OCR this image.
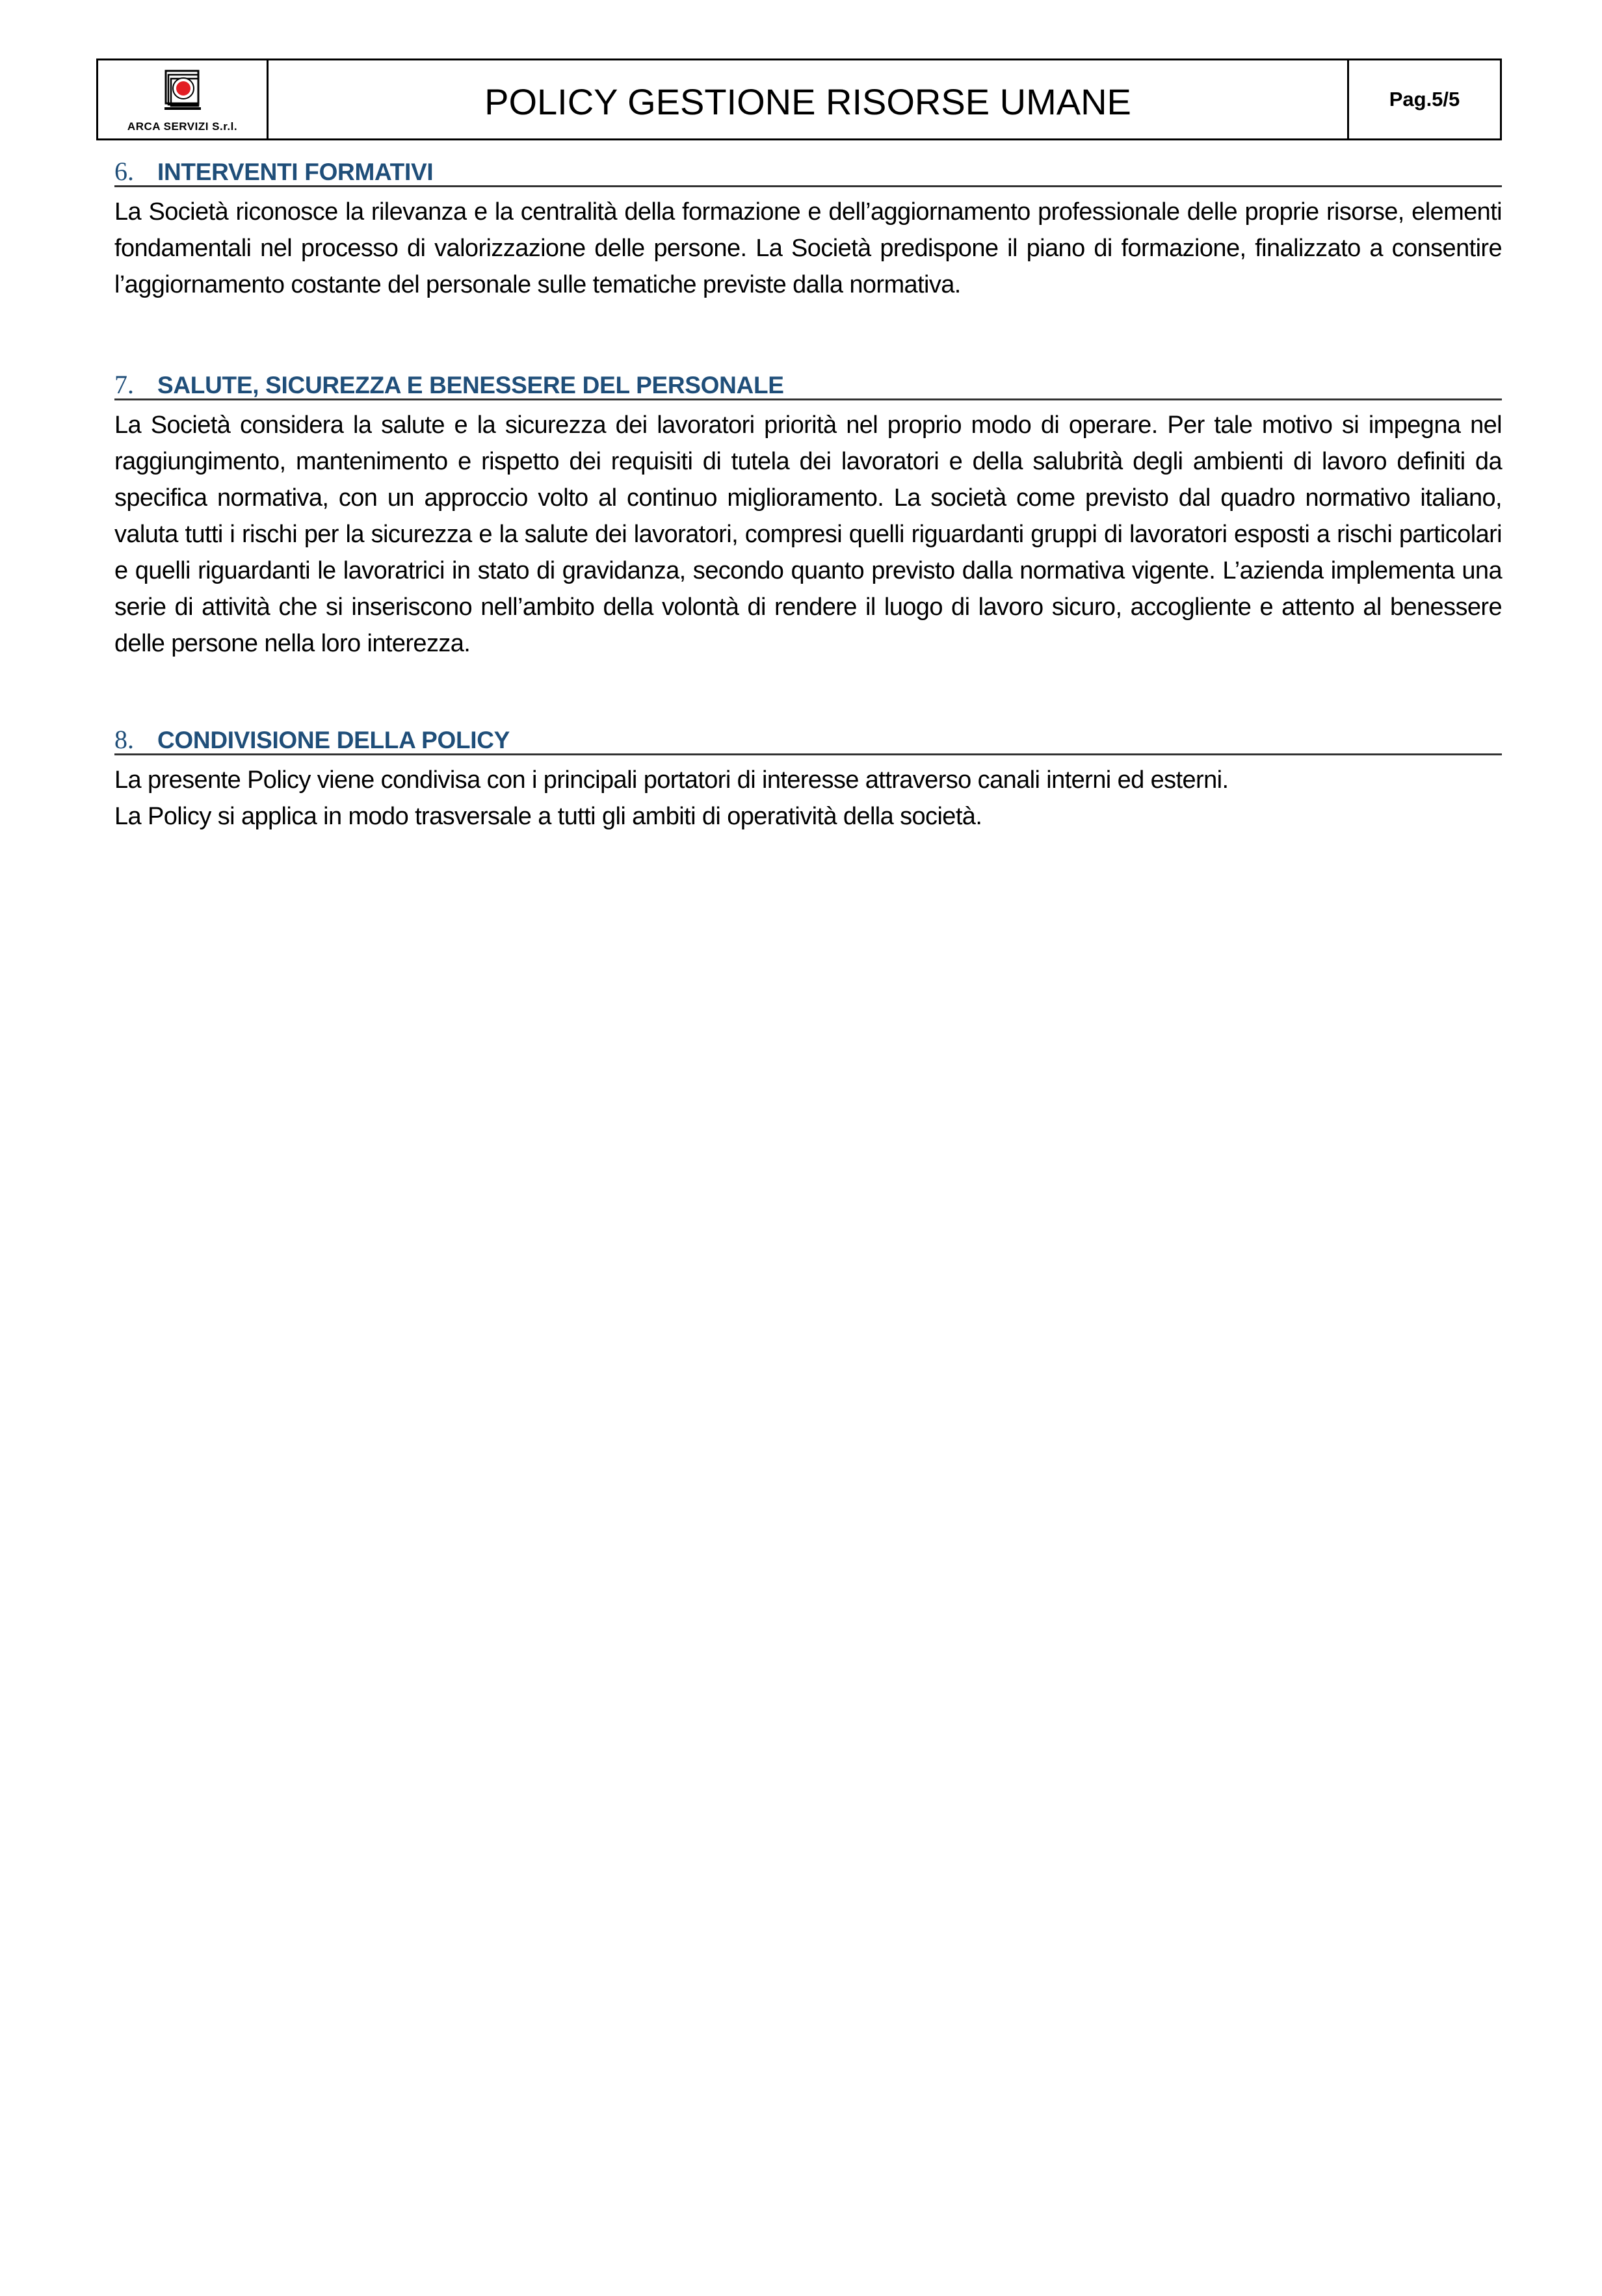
ARCA SERVIZI S.r.l.
POLICY GESTIONE RISORSE UMANE	Pag.5/5
6. INTERVENTI FORMATIVI

La Società riconosce la rilevanza e la centralità della formazione e dell’aggiornamento professionale delle proprie risorse, elementi fondamentali nel processo di valorizzazione delle persone. La Società predispone il piano di formazione, finalizzato a consentire l’aggiornamento costante del personale sulle tematiche previste dalla normativa.

7. SALUTE, SICUREZZA E BENESSERE DEL PERSONALE

La Società considera la salute e la sicurezza dei lavoratori priorità nel proprio modo di operare. Per tale motivo si impegna nel raggiungimento, mantenimento e rispetto dei requisiti di tutela dei lavoratori e della salubrità degli ambienti di lavoro definiti da specifica normativa, con un approccio volto al continuo miglioramento. La società come previsto dal quadro normativo italiano, valuta tutti i rischi per la sicurezza e la salute dei lavoratori, compresi quelli riguardanti gruppi di lavoratori esposti a rischi particolari e quelli riguardanti le lavoratrici in stato di gravidanza, secondo quanto previsto dalla normativa vigente. L’azienda implementa una serie di attività che si inseriscono nell’ambito della volontà di rendere il luogo di lavoro sicuro, accogliente e attento al benessere delle persone nella loro interezza.

8. CONDIVISIONE DELLA POLICY

La presente Policy viene condivisa con i principali portatori di interesse attraverso canali interni ed esterni.

La Policy si applica in modo trasversale a tutti gli ambiti di operatività della società.
